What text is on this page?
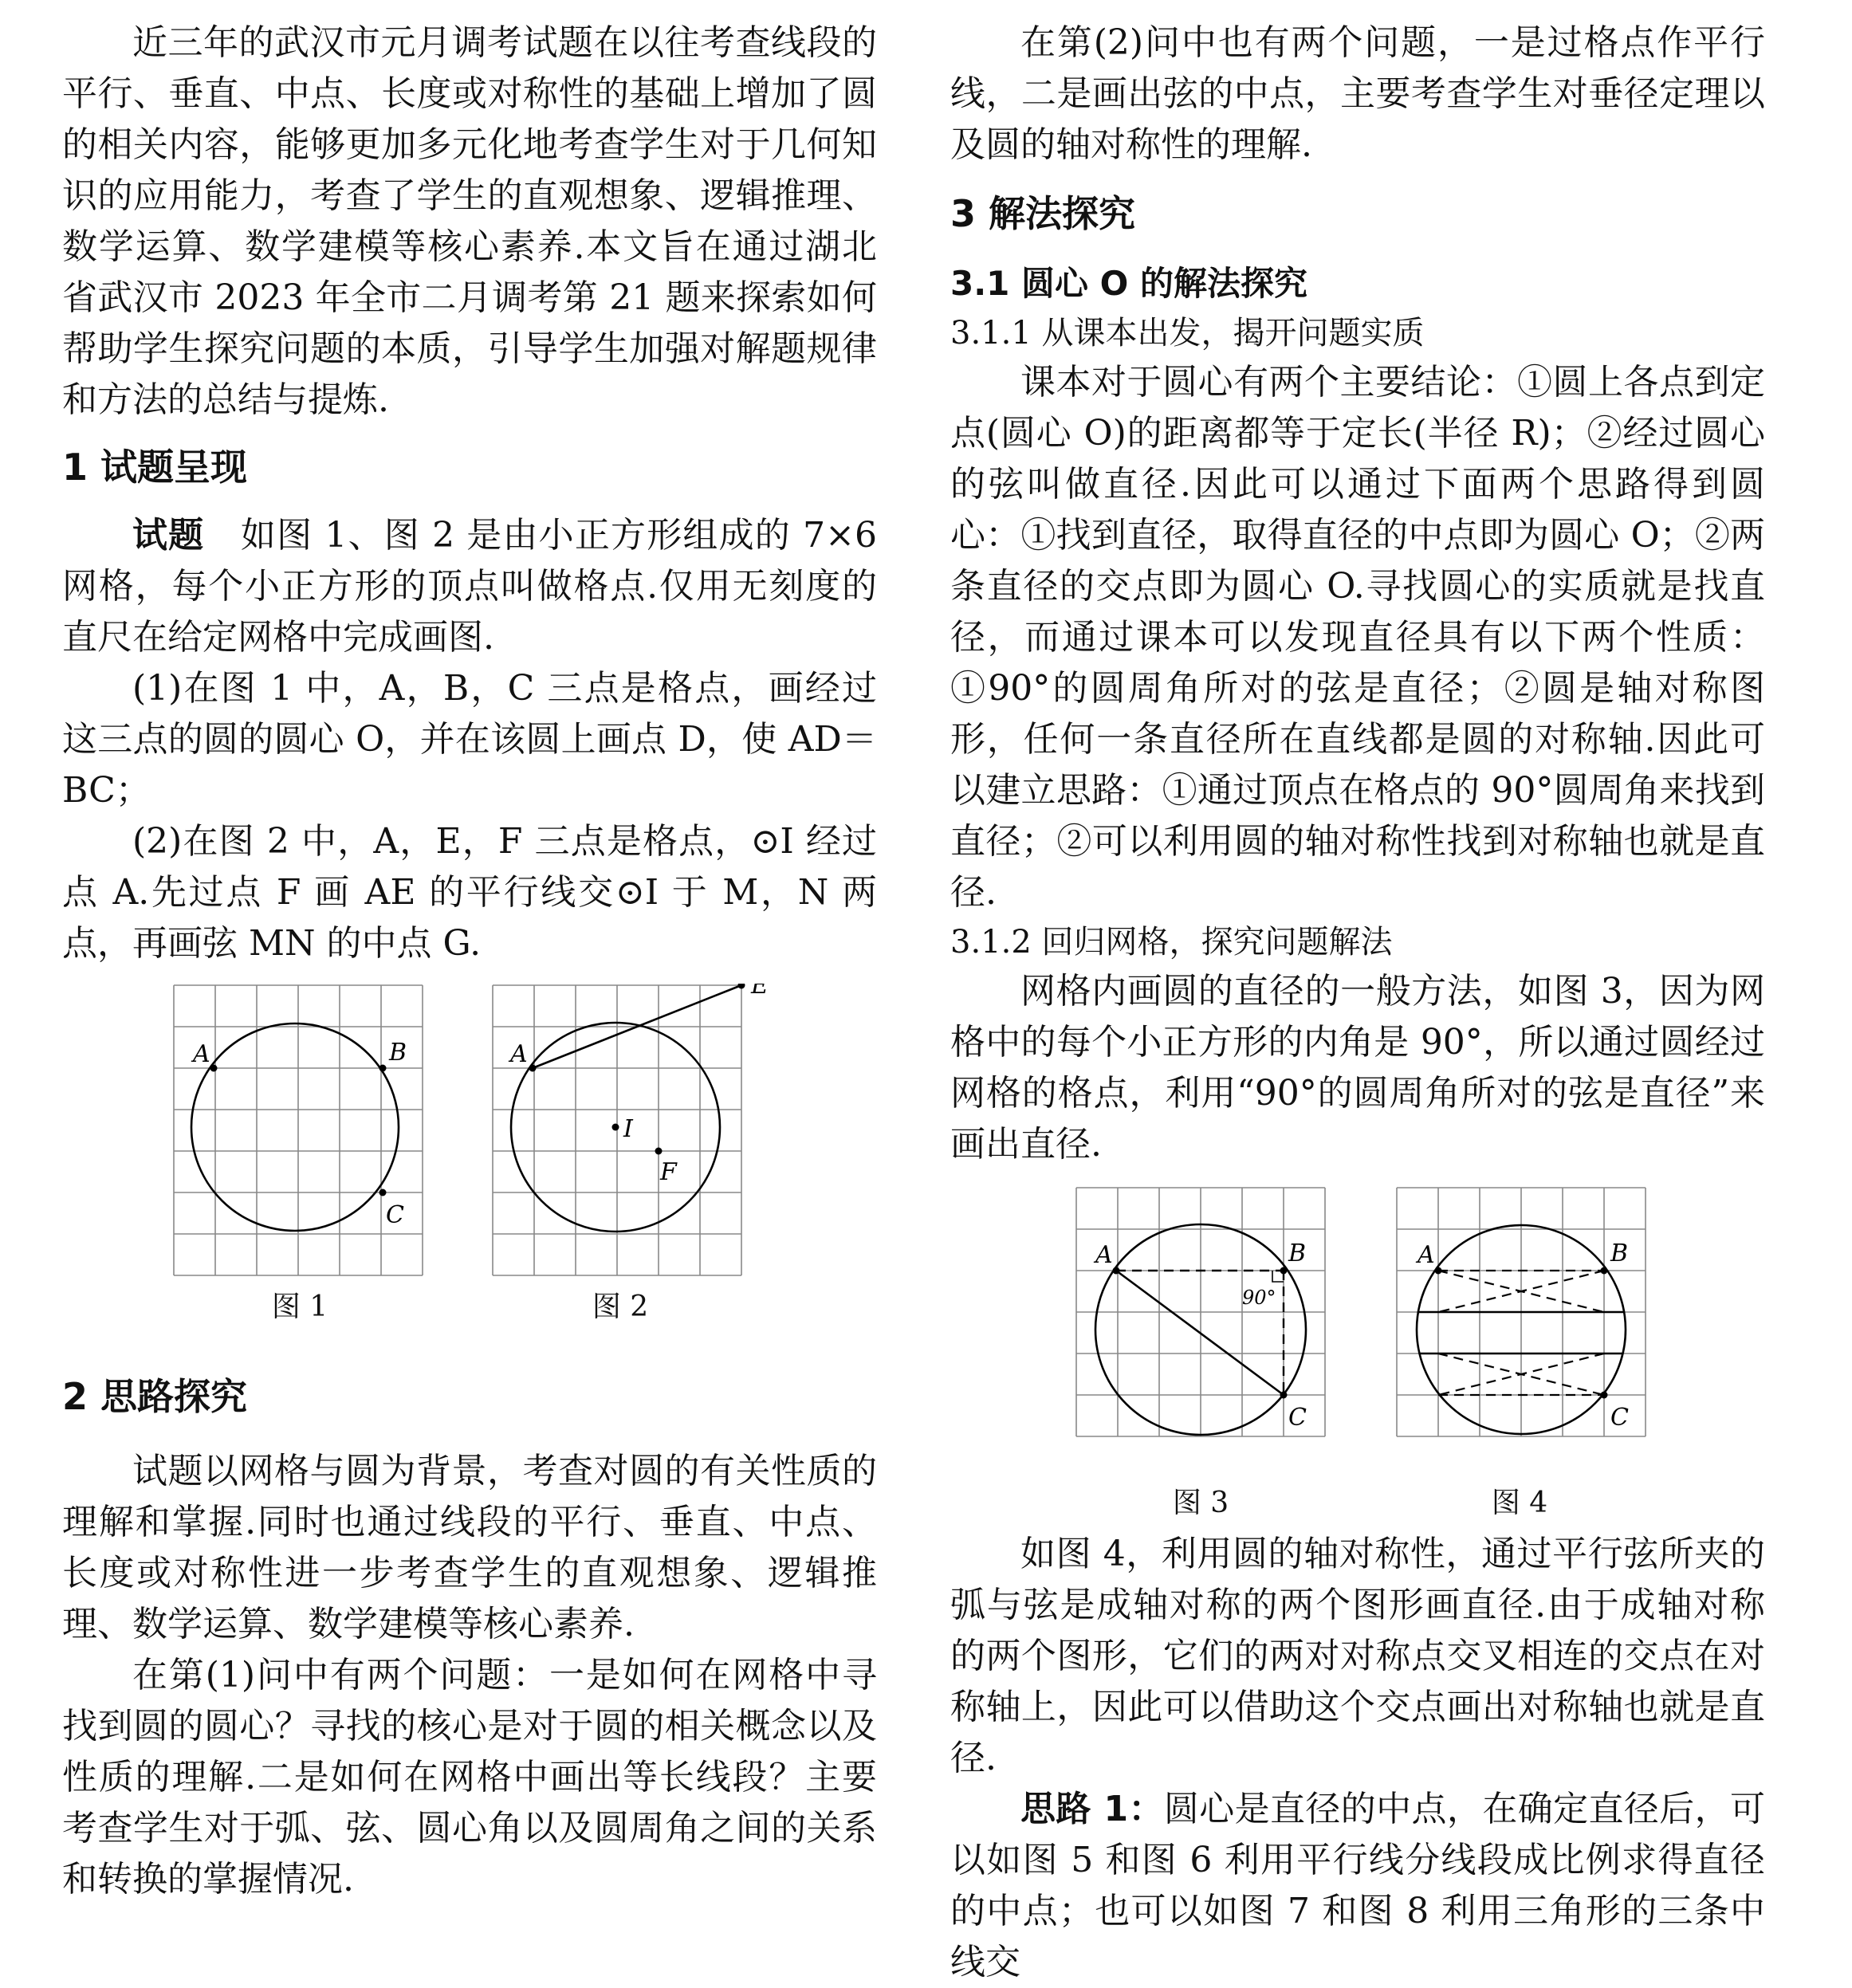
近三年的武汉市元月调考试题在以往考查线段的平行、垂直、中点、长度或对称性的基础上增加了圆的相关内容，能够更加多元化地考查学生对于几何知识的应用能力，考查了学生的直观想象、逻辑推理、数学运算、数学建模等核心素养.本文旨在通过湖北省武汉市 2023 年全市二月调考第 21 题来探索如何帮助学生探究问题的本质，引导学生加强对解题规律和方法的总结与提炼.

1 试题呈现

试题 如图 1、图 2 是由小正方形组成的 7×6 网格，每个小正方形的顶点叫做格点.仅用无刻度的直尺在给定网格中完成画图.

(1)在图 1 中，A，B，C 三点是格点，画经过这三点的圆的圆心 O，并在该圆上画点 D，使 AD＝BC；

(2)在图 2 中，A，E，F 三点是格点，⊙I 经过点 A.先过点 F 画 AE 的平行线交⊙I 于 M，N 两点，再画弦 MN 的中点 G.

A	B
C
图 1
A
E
I
F
图 2
2 思路探究

试题以网格与圆为背景，考查对圆的有关性质的理解和掌握.同时也通过线段的平行、垂直、中点、长度或对称性进一步考查学生的直观想象、逻辑推理、数学运算、数学建模等核心素养.

在第(1)问中有两个问题：一是如何在网格中寻找到圆的圆心？寻找的核心是对于圆的相关概念以及性质的理解.二是如何在网格中画出等长线段？主要考查学生对于弧、弦、圆心角以及圆周角之间的关系和转换的掌握情况.

在第(2)问中也有两个问题，一是过格点作平行线，二是画出弦的中点，主要考查学生对垂径定理以及圆的轴对称性的理解.

3 解法探究
3.1 圆心 O 的解法探究
3.1.1 从课本出发，揭开问题实质

课本对于圆心有两个主要结论：①圆上各点到定点(圆心 O)的距离都等于定长(半径 R)；②经过圆心的弦叫做直径.因此可以通过下面两个思路得到圆心：①找到直径，取得直径的中点即为圆心 O；②两条直径的交点即为圆心 O.寻找圆心的实质就是找直径，而通过课本可以发现直径具有以下两个性质：①90°的圆周角所对的弦是直径；②圆是轴对称图形，任何一条直径所在直线都是圆的对称轴.因此可以建立思路：①通过顶点在格点的 90°圆周角来找到直径；②可以利用圆的轴对称性找到对称轴也就是直径.

3.1.2 回归网格，探究问题解法

网格内画圆的直径的一般方法，如图 3，因为网格中的每个小正方形的内角是 90°，所以通过圆经过网格的格点，利用“90°的圆周角所对的弦是直径”来画出直径.

A	B
C
90°
图 3
A	B
C
图 4

如图 4，利用圆的轴对称性，通过平行弦所夹的弧与弦是成轴对称的两个图形画直径.由于成轴对称的两个图形，它们的两对对称点交叉相连的交点在对称轴上，因此可以借助这个交点画出对称轴也就是直径.

思路 1：圆心是直径的中点，在确定直径后，可以如图 5 和图 6 利用平行线分线段成比例求得直径的中点；也可以如图 7 和图 8 利用三角形的三条中线交
